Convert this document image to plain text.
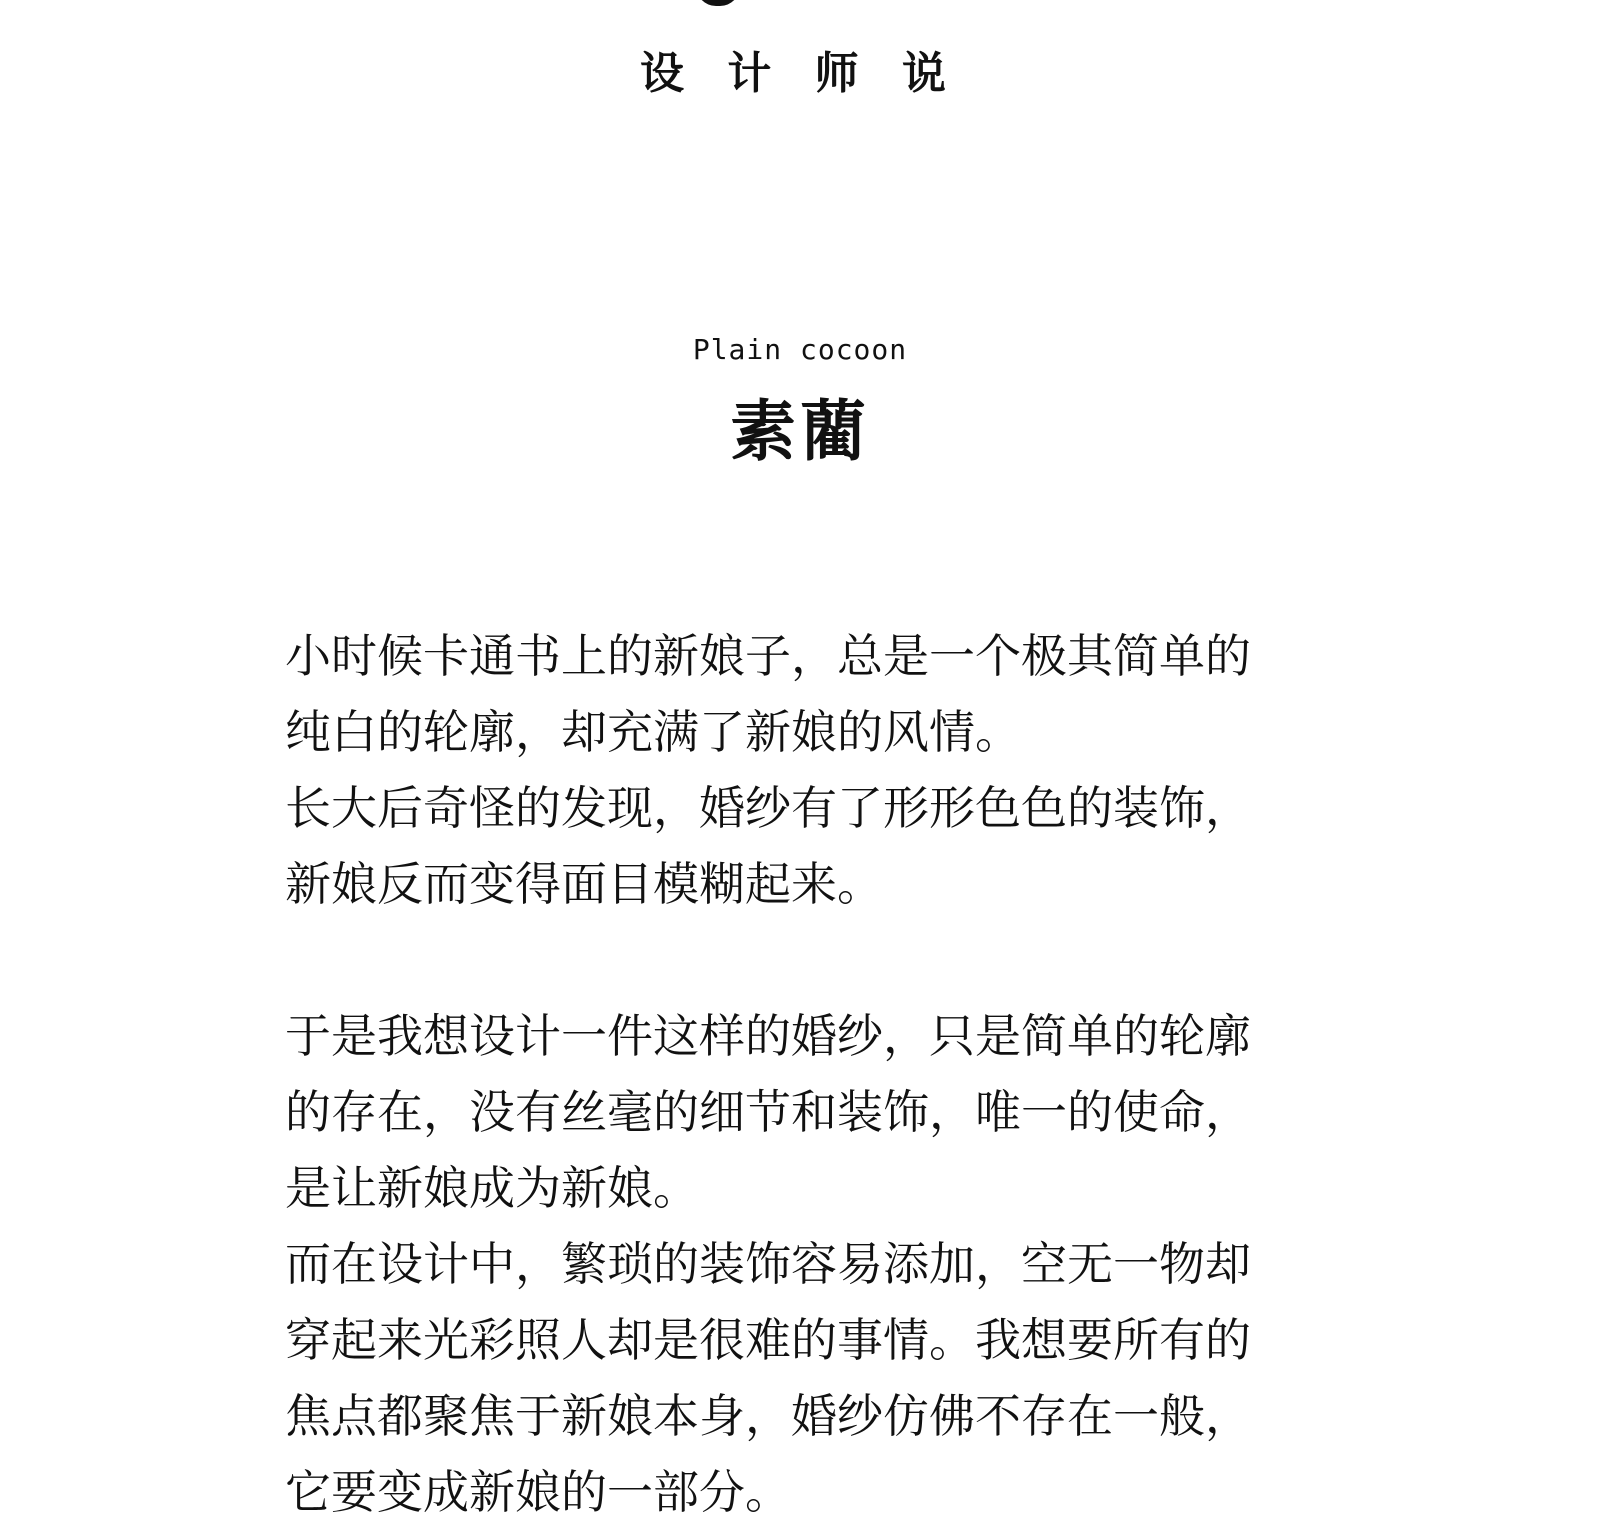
设 计 师 说
Plain cocoon
素藺

小时候卡通书上的新娘子，总是一个极其简单的

纯白的轮廓，却充满了新娘的风情。

长大后奇怪的发现，婚纱有了形形色色的装饰，

新娘反而变得面目模糊起来。

于是我想设计一件这样的婚纱，只是简单的轮廓

的存在，没有丝毫的细节和装饰，唯一的使命，

是让新娘成为新娘。

而在设计中，繁琐的装饰容易添加，空无一物却

穿起来光彩照人却是很难的事情。我想要所有的

焦点都聚焦于新娘本身，婚纱仿佛不存在一般，

它要变成新娘的一部分。
